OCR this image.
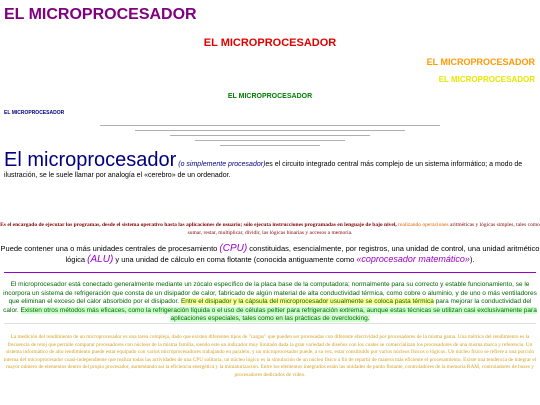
EL MICROPROCESADOR
EL MICROPROCESADOR
EL MICROPROCESADOR
EL MICROPROCESADOR
EL MICROPROCESADOR
EL MICROPROCESADOR
El microprocesador (o simplemente procesador)es el circuito integrado central más complejo de un sistema informático; a modo de ilustración, se le suele llamar por analogía el «cerebro» de un ordenador.
Es el encargado de ejecutar los programas, desde el sistema operativo hasta las aplicaciones de usuario; sólo ejecuta instrucciones programadas en lenguaje de bajo nivel, realizando operaciones aritméticas y lógicas simples, tales como sumar, restar, multiplicar, dividir, las lógicas binarias y accesos a memoria.
Puede contener una o más unidades centrales de procesamiento (CPU) constituidas, esencialmente, por registros, una unidad de control, una unidad aritmético lógica (ALU) y una unidad de cálculo en coma flotante (conocida antiguamente como «coprocesador matemático»).
El microprocesador está conectado generalmente mediante un zócalo específico de la placa base de la computadora; normalmente para su correcto y estable funcionamiento, se le incorpora un sistema de refrigeración que consta de un disipador de calor, fabricado de algún material de alta conductividad térmica, como cobre o aluminio, y de uno o más ventiladores que eliminan el exceso del calor absorbido por el disipador. Entre el disipador y la cápsula del microprocesador usualmente se coloca pasta térmica para mejorar la conductividad del calor. Existen otros métodos más eficaces, como la refrigeración líquida o el uso de células peltier para refrigeración extrema, aunque estas técnicas se utilizan casi exclusivamente para aplicaciones especiales, tales como en las prácticas de overclocking.
La medición del rendimiento de un microprocesador es una tarea compleja, dado que existen diferentes tipos de "cargas" que pueden ser procesadas con diferente efectividad por procesadores de la misma gama. Una métrica del rendimiento es la frecuencia de reloj que permite comparar procesadores con núcleos de la misma familia, siendo este un indicador muy limitado dada la gran variedad de diseños con los cuales se comercializan los procesadores de una misma marca y referencia. Un sistema informático de alto rendimiento puede estar equipado con varios microprocesadores trabajando en paralelo, y un microprocesador puede, a su vez, estar constituido por varios núcleos físicos o lógicos. Un núcleo físico se refiere a una porción interna del microprocesador cuasi-independiente que realiza todas las actividades de una CPU solitaria, un núcleo lógico es la simulación de un núcleo físico a fin de repartir de manera más eficiente el procesamiento. Existe una tendencia de integrar el mayor número de elementos dentro del propio procesador, aumentando así la eficiencia energética y la miniaturización. Entre los elementos integrados están las unidades de punto flotante, controladores de la memoria RAM, controladores de buses y procesadores dedicados de vídeo.
